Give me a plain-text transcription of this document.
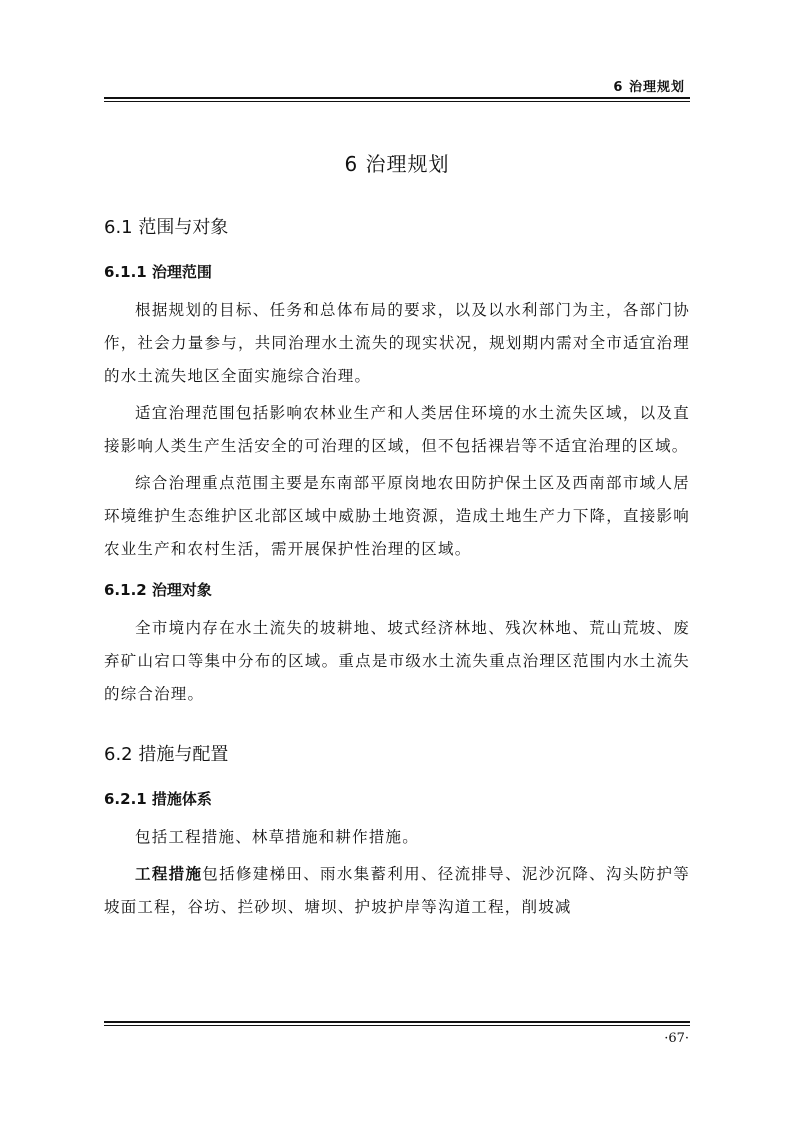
6 治理规划
6 治理规划
6.1 范围与对象
6.1.1 治理范围

根据规划的目标、任务和总体布局的要求，以及以水利部门为主，各部门协作，社会力量参与，共同治理水土流失的现实状况，规划期内需对全市适宜治理的水土流失地区全面实施综合治理。

适宜治理范围包括影响农林业生产和人类居住环境的水土流失区域，以及直接影响人类生产生活安全的可治理的区域，但不包括裸岩等不适宜治理的区域。

综合治理重点范围主要是东南部平原岗地农田防护保土区及西南部市域人居环境维护生态维护区北部区域中威胁土地资源，造成土地生产力下降，直接影响农业生产和农村生活，需开展保护性治理的区域。

6.1.2 治理对象

全市境内存在水土流失的坡耕地、坡式经济林地、残次林地、荒山荒坡、废弃矿山宕口等集中分布的区域。重点是市级水土流失重点治理区范围内水土流失的综合治理。

6.2 措施与配置
6.2.1 措施体系

包括工程措施、林草措施和耕作措施。

工程措施包括修建梯田、雨水集蓄利用、径流排导、泥沙沉降、沟头防护等坡面工程，谷坊、拦砂坝、塘坝、护坡护岸等沟道工程，削坡减

·67·
